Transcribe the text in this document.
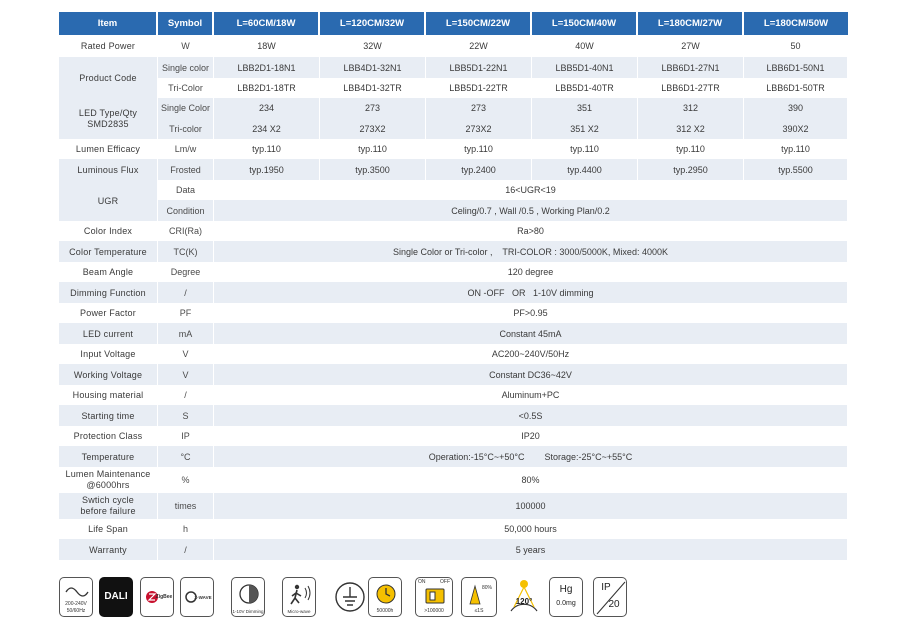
Item	Symbol	L=60CM/18W	L=120CM/32W	L=150CM/22W	L=150CM/40W	L=180CM/27W	L=180CM/50W
Rated Power	W	18W	32W	22W	40W	27W	50
Product Code	Single color	LBB2D1-18N1	LBB4D1-32N1	LBB5D1-22N1	LBB5D1-40N1	LBB6D1-27N1	LBB6D1-50N1
	Tri-Color	LBB2D1-18TR	LBB4D1-32TR	LBB5D1-22TR	LBB5D1-40TR	LBB6D1-27TR	LBB6D1-50TR
LED Type/Qty
SMD2835	Single Color	234	273	273	351	312	390
	Tri-color	234 X2	273X2	273X2	351 X2	312 X2	390X2
Lumen Efficacy	Lm/w	typ.110	typ.110	typ.110	typ.110	typ.110	typ.110
Luminous Flux	Frosted	typ.1950	typ.3500	typ.2400	typ.4400	typ.2950	typ.5500
UGR	Data	16<UGR<19					
	Condition	Celing/0.7 , Wall /0.5 , Working Plan/0.2					
Color Index	CRI(Ra)	Ra>80					
Color Temperature	TC(K)	Single Color or Tri-color ,    TRI-COLOR : 3000/5000K, Mixed: 4000K					
Beam Angle	Degree	120 degree					
Dimming Function	/	ON -OFF   OR   1-10V dimming					
Power Factor	PF	PF>0.95					
LED current	mA	Constant 45mA					
Input Voltage	V	AC200~240V/50Hz					
Working Voltage	V	Constant DC36~42V					
Housing material	/	Aluminum+PC					
Starting time	S	<0.5S					
Protection Class	IP	IP20					
Temperature	°C	Operation:-15°C~+50°C        Storage:-25°C~+55°C					
Lumen Maintenance
@6000hrs	%	80%					
Swtich cycle
before failure	times	100000					
Life Span	h	50,000 hours					
Warranty	/	5 years					
200-240V
50/60Hz
DALI	ZigBee	Z-WAVE
1-10V Dimming	Micro-wave	50000h
ON	OFF
>100000
80%
≤1S
120°
Hg
0.0mg
IP
20
